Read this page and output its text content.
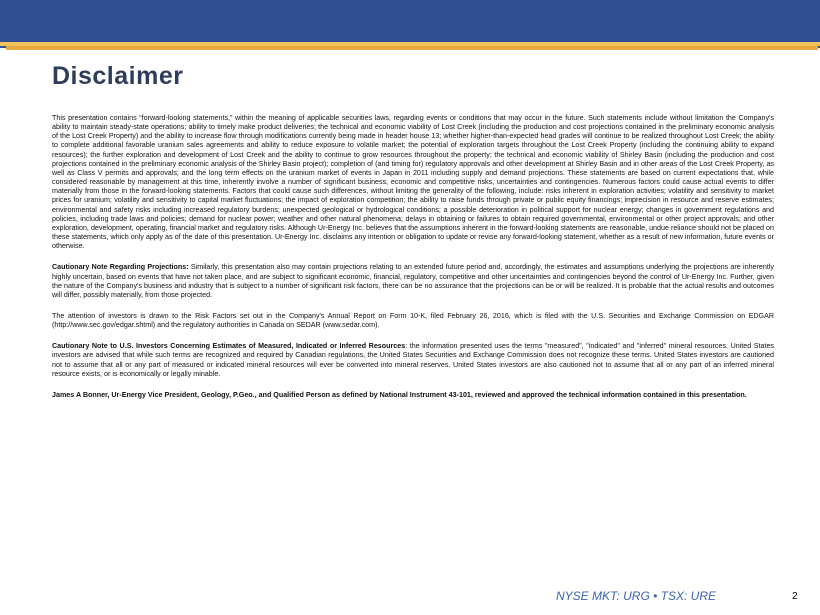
Disclaimer

This presentation contains “forward-looking statements,” within the meaning of applicable securities laws, regarding events or conditions that may occur in the future. Such statements include without limitation the Company's ability to maintain steady-state operations; ability to timely make product deliveries; the technical and economic viability of Lost Creek (including the production and cost projections contained in the preliminary economic analysis of the Lost Creek Property) and the ability to increase flow through modifications currently being made in header house 13; whether higher-than-expected head grades will continue to be realized throughout Lost Creek; the ability to complete additional favorable uranium sales agreements and ability to reduce exposure to volatile market; the potential of exploration targets throughout the Lost Creek Property (including the continuing ability to expand resources); the further exploration and development of Lost Creek and the ability to continue to grow resources throughout the property; the technical and economic viability of Shirley Basin (including the production and cost projections contained in the preliminary economic analysis of the Shirley Basin project); completion of (and timing for) regulatory approvals and other development at Shirley Basin and in other areas of the Lost Creek Property, as well as Class V permits and approvals; and the long term effects on the uranium market of events in Japan in 2011 including supply and demand projections. These statements are based on current expectations that, while considered reasonable by management at this time, inherently involve a number of significant business, economic and competitive risks, uncertainties and contingencies. Numerous factors could cause actual events to differ materially from those in the forward-looking statements. Factors that could cause such differences, without limiting the generality of the following, include: risks inherent in exploration activities; volatility and sensitivity to market prices for uranium; volatility and sensitivity to capital market fluctuations; the impact of exploration competition; the ability to raise funds through private or public equity financings; imprecision in resource and reserve estimates; environmental and safety risks including increased regulatory burdens; unexpected geological or hydrological conditions; a possible deterioration in political support for nuclear energy; changes in government regulations and policies, including trade laws and policies; demand for nuclear power; weather and other natural phenomena; delays in obtaining or failures to obtain required governmental, environmental or other project approvals; and other exploration, development, operating, financial market and regulatory risks. Although Ur-Energy Inc. believes that the assumptions inherent in the forward-looking statements are reasonable, undue reliance should not be placed on these statements, which only apply as of the date of this presentation. Ur-Energy Inc. disclaims any intention or obligation to update or revise any forward-looking statement, whether as a result of new information, future events or otherwise.

Cautionary Note Regarding Projections: Similarly, this presentation also may contain projections relating to an extended future period and, accordingly, the estimates and assumptions underlying the projections are inherently highly uncertain, based on events that have not taken place, and are subject to significant economic, financial, regulatory, competitive and other uncertainties and contingencies beyond the control of Ur-Energy Inc. Further, given the nature of the Company's business and industry that is subject to a number of significant risk factors, there can be no assurance that the projections can be or will be realized. It is probable that the actual results and outcomes will differ, possibly materially, from those projected.

The attention of investors is drawn to the Risk Factors set out in the Company's Annual Report on Form 10-K, filed February 26, 2016, which is filed with the U.S. Securities and Exchange Commission on EDGAR (http://www.sec.gov/edgar.shtml) and the regulatory authorities in Canada on SEDAR (www.sedar.com).

Cautionary Note to U.S. Investors Concerning Estimates of Measured, Indicated or Inferred Resources: the information presented uses the terms "measured", "indicated" and "inferred" mineral resources. United States investors are advised that while such terms are recognized and required by Canadian regulations, the United States Securities and Exchange Commission does not recognize these terms. United States investors are cautioned not to assume that all or any part of measured or indicated mineral resources will ever be converted into mineral reserves. United States investors are also cautioned not to assume that all or any part of an inferred mineral resource exists, or is economically or legally minable.

James A Bonner, Ur-Energy Vice President, Geology, P.Geo., and Qualified Person as defined by National Instrument 43-101, reviewed and approved the technical information contained in this presentation.

NYSE MKT: URG • TSX: URE	2
